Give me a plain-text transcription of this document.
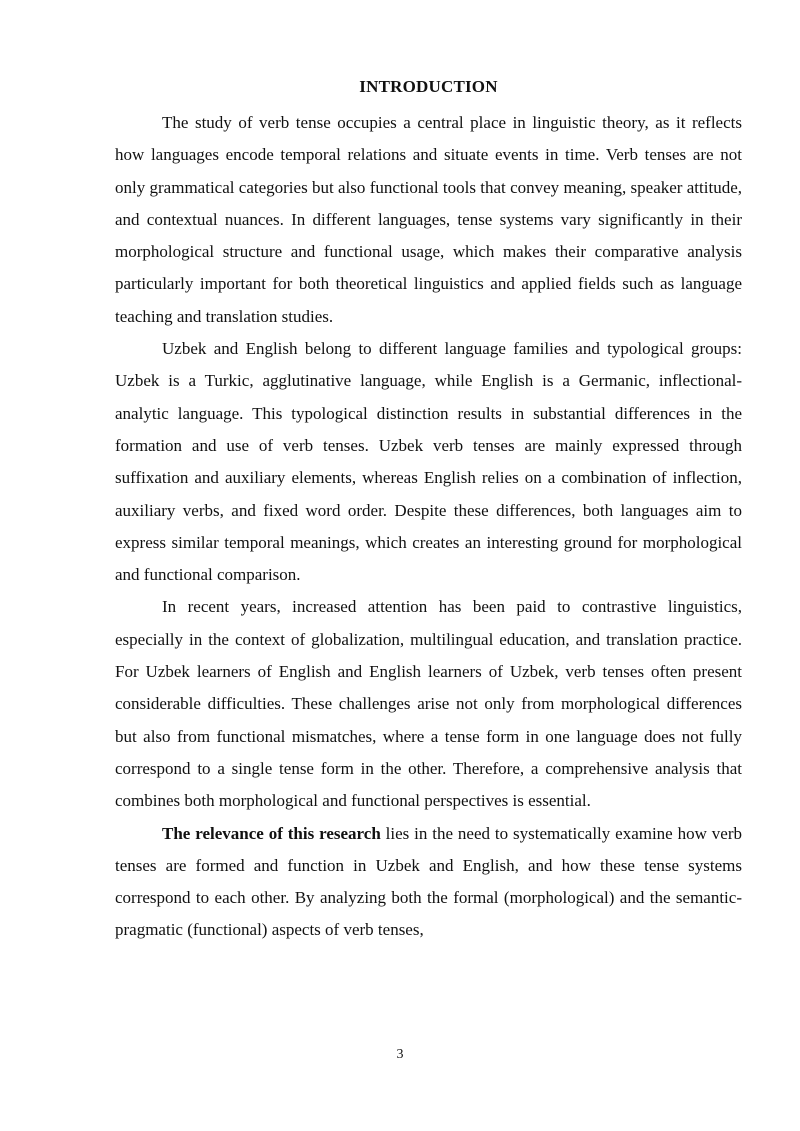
INTRODUCTION

The study of verb tense occupies a central place in linguistic theory, as it reflects how languages encode temporal relations and situate events in time. Verb tenses are not only grammatical categories but also functional tools that convey meaning, speaker attitude, and contextual nuances. In different languages, tense systems vary significantly in their morphological structure and functional usage, which makes their comparative analysis particularly important for both theoretical linguistics and applied fields such as language teaching and translation studies.

Uzbek and English belong to different language families and typological groups: Uzbek is a Turkic, agglutinative language, while English is a Germanic, inflectional-analytic language. This typological distinction results in substantial differences in the formation and use of verb tenses. Uzbek verb tenses are mainly expressed through suffixation and auxiliary elements, whereas English relies on a combination of inflection, auxiliary verbs, and fixed word order. Despite these differences, both languages aim to express similar temporal meanings, which creates an interesting ground for morphological and functional comparison.

In recent years, increased attention has been paid to contrastive linguistics, especially in the context of globalization, multilingual education, and translation practice. For Uzbek learners of English and English learners of Uzbek, verb tenses often present considerable difficulties. These challenges arise not only from morphological differences but also from functional mismatches, where a tense form in one language does not fully correspond to a single tense form in the other. Therefore, a comprehensive analysis that combines both morphological and functional perspectives is essential.

The relevance of this research lies in the need to systematically examine how verb tenses are formed and function in Uzbek and English, and how these tense systems correspond to each other. By analyzing both the formal (morphological) and the semantic-pragmatic (functional) aspects of verb tenses,

3
